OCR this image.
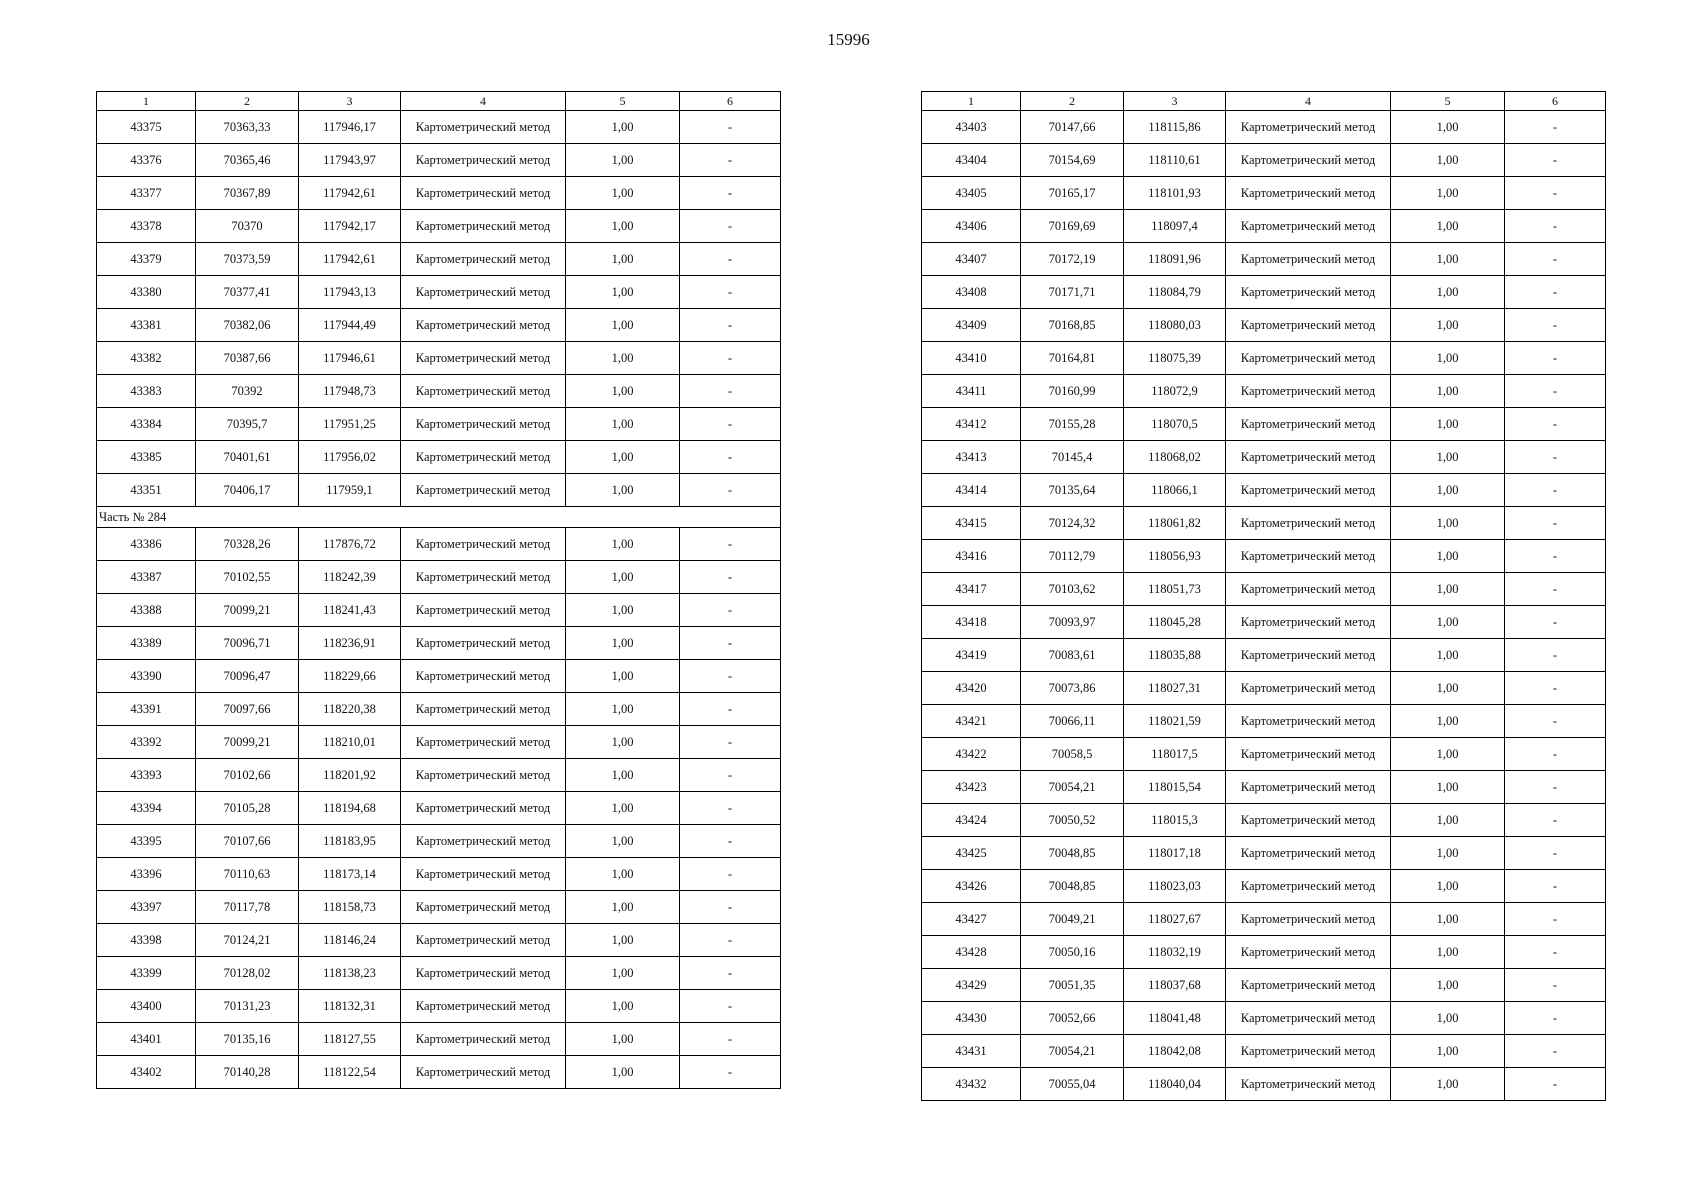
15996
1	2	3	4	5	6
43375	70363,33	117946,17	Картометрический метод	1,00	-
43376	70365,46	117943,97	Картометрический метод	1,00	-
43377	70367,89	117942,61	Картометрический метод	1,00	-
43378	70370	117942,17	Картометрический метод	1,00	-
43379	70373,59	117942,61	Картометрический метод	1,00	-
43380	70377,41	117943,13	Картометрический метод	1,00	-
43381	70382,06	117944,49	Картометрический метод	1,00	-
43382	70387,66	117946,61	Картометрический метод	1,00	-
43383	70392	117948,73	Картометрический метод	1,00	-
43384	70395,7	117951,25	Картометрический метод	1,00	-
43385	70401,61	117956,02	Картометрический метод	1,00	-
43351	70406,17	117959,1	Картометрический метод	1,00	-
Часть № 284					
43386	70328,26	117876,72	Картометрический метод	1,00	-
43387	70102,55	118242,39	Картометрический метод	1,00	-
43388	70099,21	118241,43	Картометрический метод	1,00	-
43389	70096,71	118236,91	Картометрический метод	1,00	-
43390	70096,47	118229,66	Картометрический метод	1,00	-
43391	70097,66	118220,38	Картометрический метод	1,00	-
43392	70099,21	118210,01	Картометрический метод	1,00	-
43393	70102,66	118201,92	Картометрический метод	1,00	-
43394	70105,28	118194,68	Картометрический метод	1,00	-
43395	70107,66	118183,95	Картометрический метод	1,00	-
43396	70110,63	118173,14	Картометрический метод	1,00	-
43397	70117,78	118158,73	Картометрический метод	1,00	-
43398	70124,21	118146,24	Картометрический метод	1,00	-
43399	70128,02	118138,23	Картометрический метод	1,00	-
43400	70131,23	118132,31	Картометрический метод	1,00	-
43401	70135,16	118127,55	Картометрический метод	1,00	-
43402	70140,28	118122,54	Картометрический метод	1,00	-
1	2	3	4	5	6
43403	70147,66	118115,86	Картометрический метод	1,00	-
43404	70154,69	118110,61	Картометрический метод	1,00	-
43405	70165,17	118101,93	Картометрический метод	1,00	-
43406	70169,69	118097,4	Картометрический метод	1,00	-
43407	70172,19	118091,96	Картометрический метод	1,00	-
43408	70171,71	118084,79	Картометрический метод	1,00	-
43409	70168,85	118080,03	Картометрический метод	1,00	-
43410	70164,81	118075,39	Картометрический метод	1,00	-
43411	70160,99	118072,9	Картометрический метод	1,00	-
43412	70155,28	118070,5	Картометрический метод	1,00	-
43413	70145,4	118068,02	Картометрический метод	1,00	-
43414	70135,64	118066,1	Картометрический метод	1,00	-
43415	70124,32	118061,82	Картометрический метод	1,00	-
43416	70112,79	118056,93	Картометрический метод	1,00	-
43417	70103,62	118051,73	Картометрический метод	1,00	-
43418	70093,97	118045,28	Картометрический метод	1,00	-
43419	70083,61	118035,88	Картометрический метод	1,00	-
43420	70073,86	118027,31	Картометрический метод	1,00	-
43421	70066,11	118021,59	Картометрический метод	1,00	-
43422	70058,5	118017,5	Картометрический метод	1,00	-
43423	70054,21	118015,54	Картометрический метод	1,00	-
43424	70050,52	118015,3	Картометрический метод	1,00	-
43425	70048,85	118017,18	Картометрический метод	1,00	-
43426	70048,85	118023,03	Картометрический метод	1,00	-
43427	70049,21	118027,67	Картометрический метод	1,00	-
43428	70050,16	118032,19	Картометрический метод	1,00	-
43429	70051,35	118037,68	Картометрический метод	1,00	-
43430	70052,66	118041,48	Картометрический метод	1,00	-
43431	70054,21	118042,08	Картометрический метод	1,00	-
43432	70055,04	118040,04	Картометрический метод	1,00	-
